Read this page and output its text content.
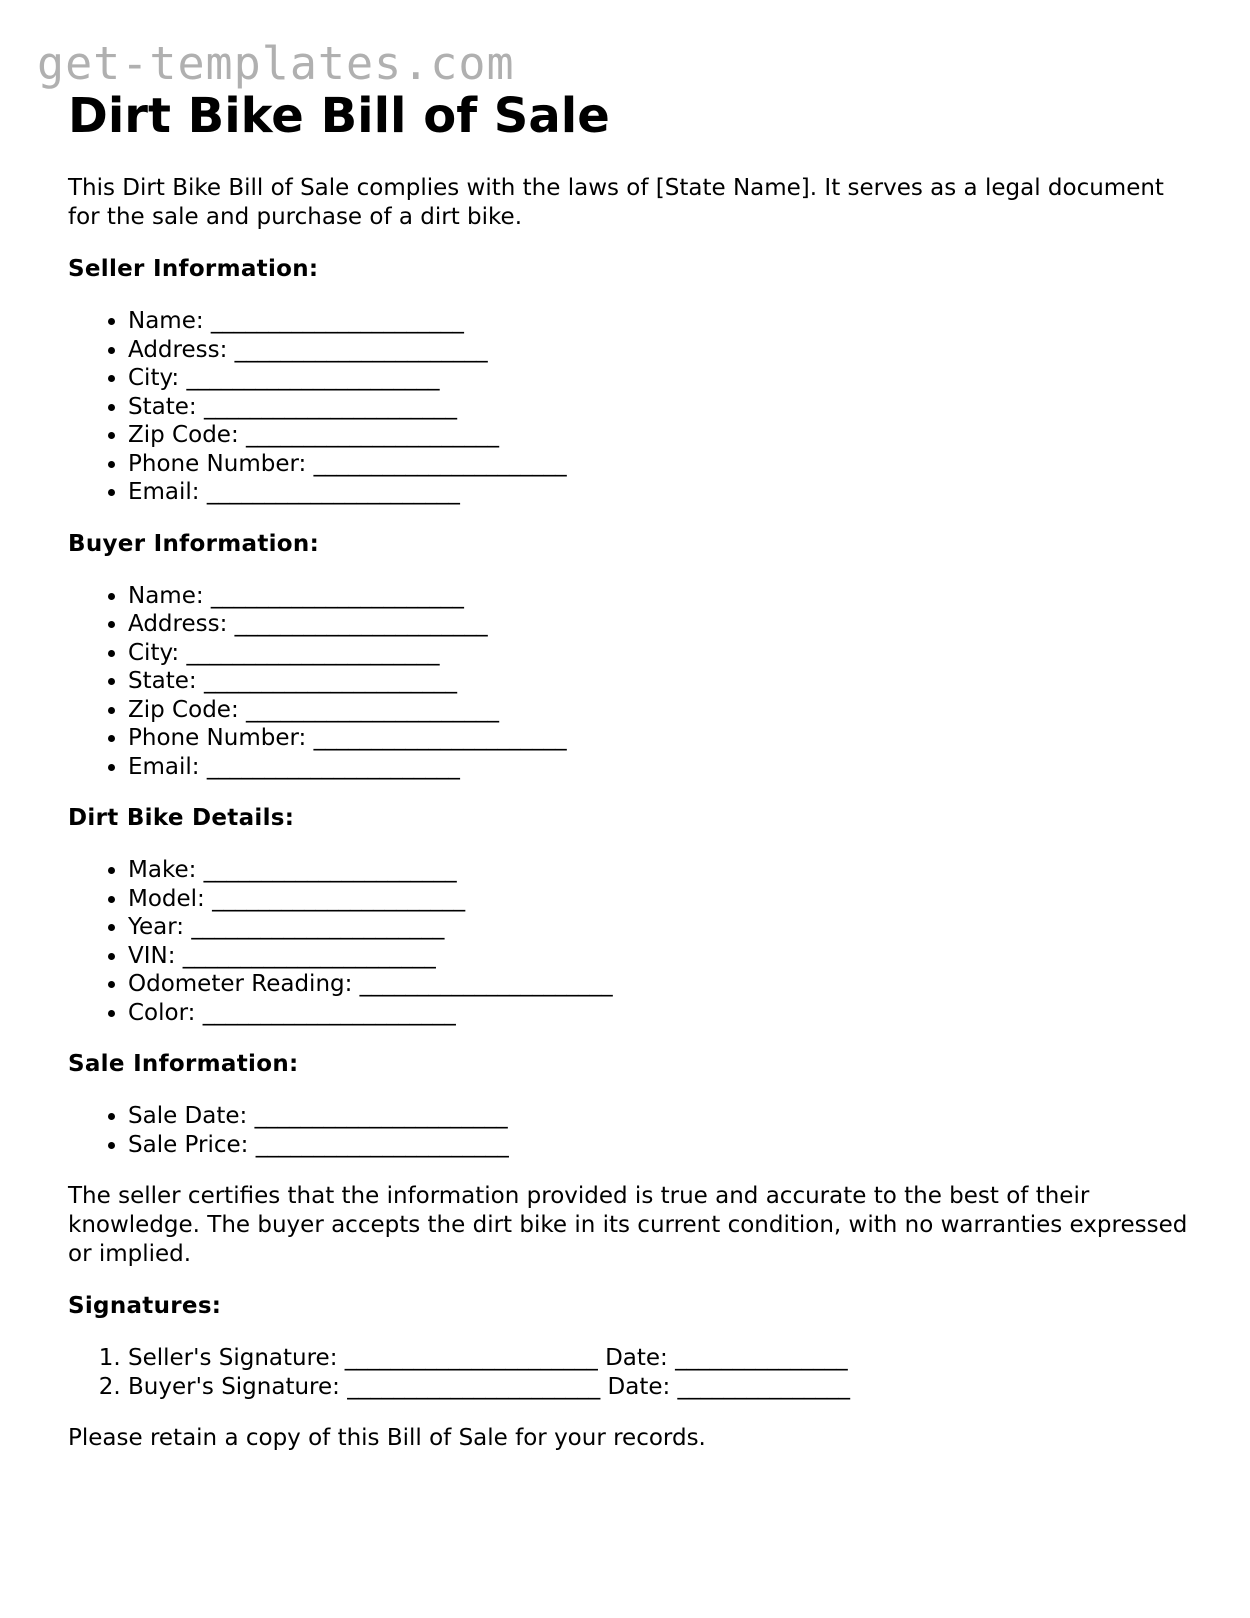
get-templates.com
Dirt Bike Bill of Sale

This Dirt Bike Bill of Sale complies with the laws of [State Name]. It serves as a legal document for the sale and purchase of a dirt bike.

Seller Information:
• Name: ______________________
• Address: ______________________
• City: ______________________
• State: ______________________
• Zip Code: ______________________
• Phone Number: ______________________
• Email: ______________________
Buyer Information:
• Name: ______________________
• Address: ______________________
• City: ______________________
• State: ______________________
• Zip Code: ______________________
• Phone Number: ______________________
• Email: ______________________
Dirt Bike Details:
• Make: ______________________
• Model: ______________________
• Year: ______________________
• VIN: ______________________
• Odometer Reading: ______________________
• Color: ______________________
Sale Information:
• Sale Date: ______________________
• Sale Price: ______________________

The seller certifies that the information provided is true and accurate to the best of their knowledge. The buyer accepts the dirt bike in its current condition, with no warranties expressed or implied.

Signatures:
1. Seller's Signature: ______________________ Date: _______________
2. Buyer's Signature: ______________________ Date: _______________

Please retain a copy of this Bill of Sale for your records.
